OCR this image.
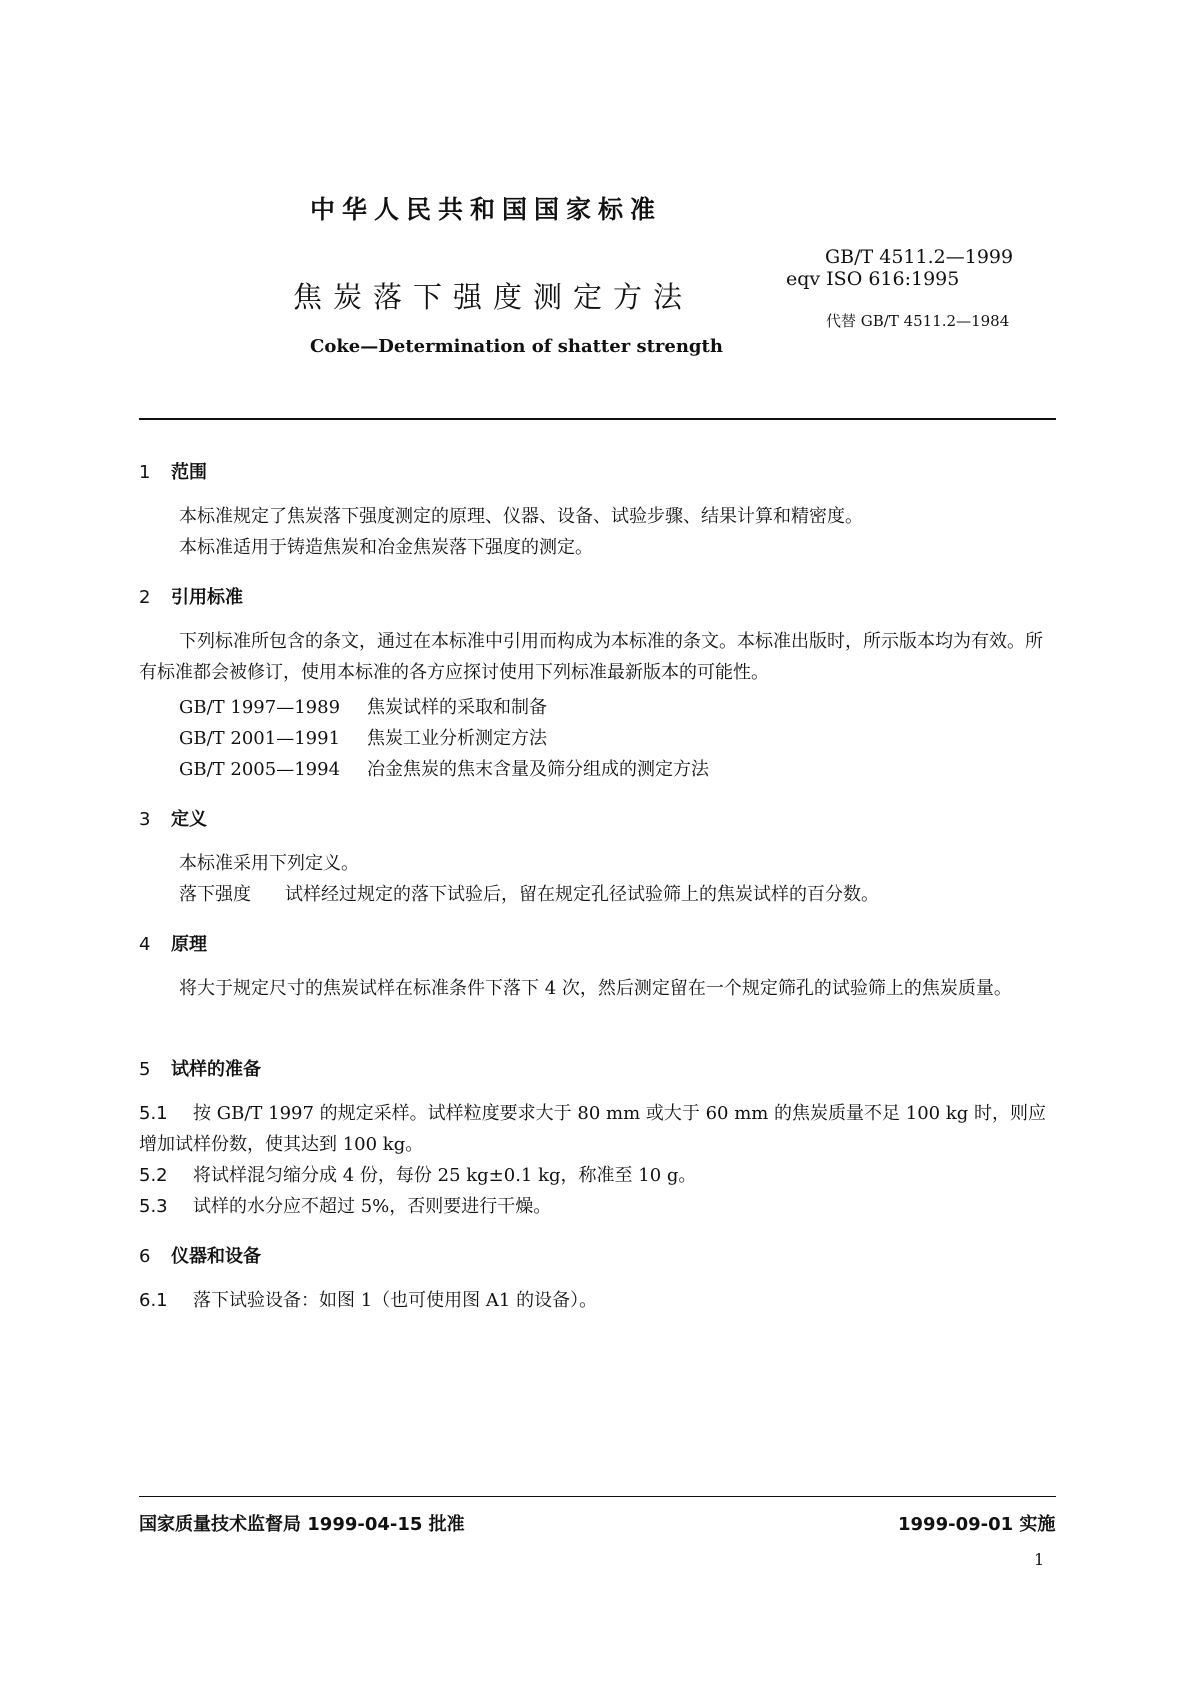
中华人民共和国国家标准
焦炭落下强度测定方法
Coke—Determination of shatter strength
GB/T 4511.2—1999
eqv ISO 616:1995
代替 GB/T 4511.2—1984
1 范围
本标准规定了焦炭落下强度测定的原理、仪器、设备、试验步骤、结果计算和精密度。
本标准适用于铸造焦炭和冶金焦炭落下强度的测定。
2 引用标准
下列标准所包含的条文，通过在本标准中引用而构成为本标准的条文。本标准出版时，所示版本均为有效。所有标准都会被修订，使用本标准的各方应探讨使用下列标准最新版本的可能性。
GB/T 1997—1989 焦炭试样的采取和制备
GB/T 2001—1991 焦炭工业分析测定方法
GB/T 2005—1994 冶金焦炭的焦末含量及筛分组成的测定方法
3 定义
本标准采用下列定义。
落下强度 试样经过规定的落下试验后，留在规定孔径试验筛上的焦炭试样的百分数。
4 原理
将大于规定尺寸的焦炭试样在标准条件下落下 4 次，然后测定留在一个规定筛孔的试验筛上的焦炭质量。
5 试样的准备
5.1 按 GB/T 1997 的规定采样。试样粒度要求大于 80 mm 或大于 60 mm 的焦炭质量不足 100 kg 时，则应增加试样份数，使其达到 100 kg。
5.2 将试样混匀缩分成 4 份，每份 25 kg±0.1 kg，称准至 10 g。
5.3 试样的水分应不超过 5%，否则要进行干燥。
6 仪器和设备
6.1 落下试验设备：如图 1（也可使用图 A1 的设备）。
国家质量技术监督局 1999-04-15 批准	1999-09-01 实施
1
